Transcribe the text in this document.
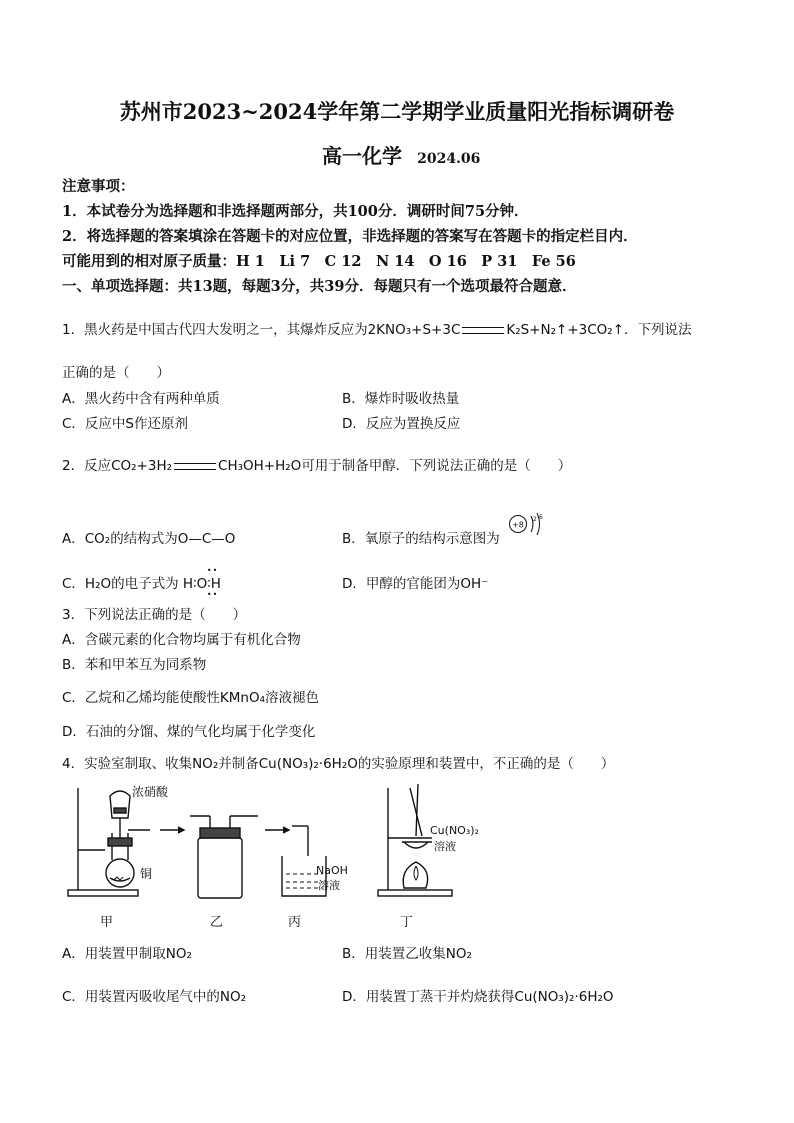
苏州市2023~2024学年第二学期学业质量阳光指标调研卷
高一化学 2024.06
注意事项：
1．本试卷分为选择题和非选择题两部分，共100分．调研时间75分钟．
2．将选择题的答案填涂在答题卡的对应位置，非选择题的答案写在答题卡的指定栏目内．
可能用到的相对原子质量：H 1　Li 7　C 12　N 14　O 16　P 31　Fe 56
一、单项选择题：共13题，每题3分，共39分．每题只有一个选项最符合题意．
1．黑火药是中国古代四大发明之一，其爆炸反应为2KNO₃+S+3C	K₂S+N₂↑+3CO₂↑．下列说法
正确的是（　　）
A．黑火药中含有两种单质	B．爆炸时吸收热量
C．反应中S作还原剂	D．反应为置换反应
2．反应CO₂+3H₂	CH₃OH+H₂O可用于制备甲醇．下列说法正确的是（　　）
A．CO₂的结构式为O—C—O	B．氧原子的结构示意图为
+8
2 6
C．H₂O的电子式为
••
H∶O∶H
••
D．甲醇的官能团为OH⁻
3．下列说法正确的是（　　）
A．含碳元素的化合物均属于有机化合物
B．苯和甲苯互为同系物
C．乙烷和乙烯均能使酸性KMnO₄溶液褪色
D．石油的分馏、煤的气化均属于化学变化
4．实验室制取、收集NO₂并制备Cu(NO₃)₂·6H₂O的实验原理和装置中，不正确的是（　　）
浓硝酸
铜	NaOH
溶液
Cu(NO₃)₂
溶液
甲	乙	丙	丁
A．用装置甲制取NO₂	B．用装置乙收集NO₂
C．用装置丙吸收尾气中的NO₂	D．用装置丁蒸干并灼烧获得Cu(NO₃)₂·6H₂O
